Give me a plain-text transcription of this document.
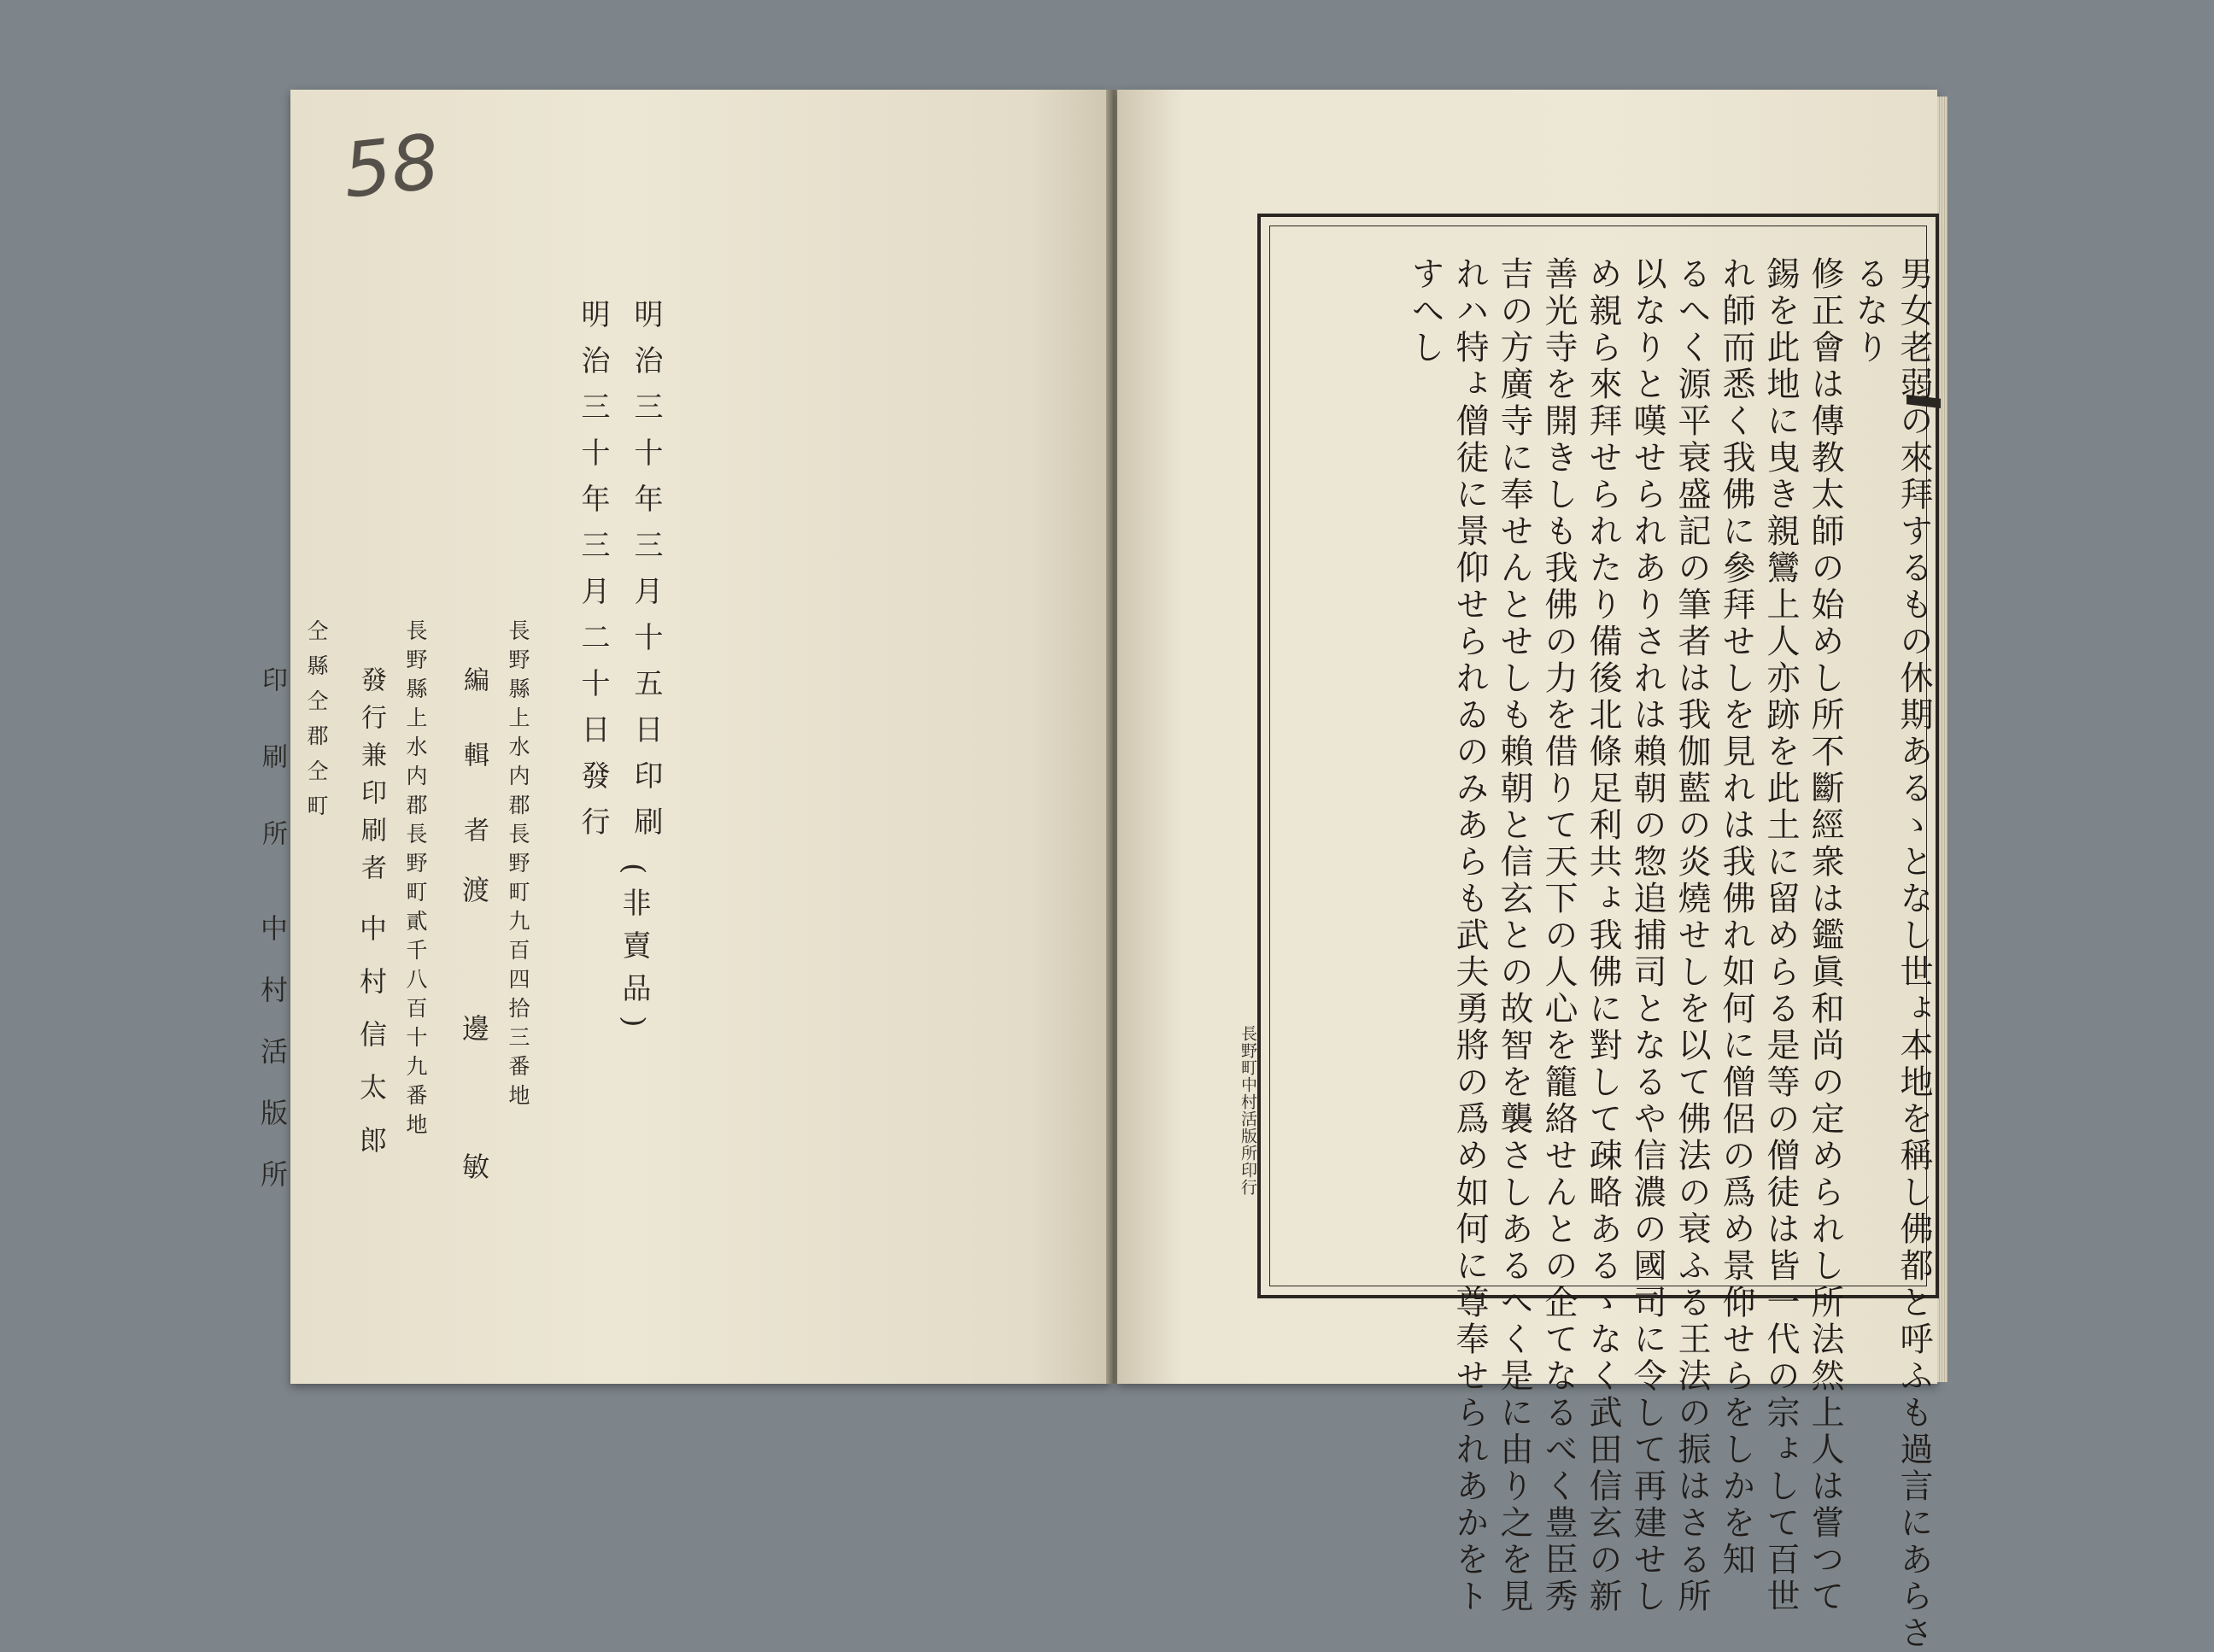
58
明治三十年三月十五日印刷
明治三十年三月二十日發行
(非賣品)
長野縣上水内郡長野町九百四拾三番地
編輯者
渡邊敏
長野縣上水内郡長野町貳千八百十九番地
發行兼印刷者
中村信太郎
仝縣仝郡仝町
印刷所
中村活版所	男女老弱の來拜するもの休期あるゝとなし世ょ本地を稱し佛都と呼ふも過言にあらさ
るなり
修正會は傳教太師の始めし所不斷經衆は鑑眞和尚の定められし所法然上人は嘗つて
錫を此地に曳き親鸞上人亦跡を此土に留めらる是等の僧徒は皆一代の宗ょして百世
れ師而悉く我佛に參拜せしを見れは我佛れ如何に僧侶の爲め景仰せらをしかを知
るへく源平衰盛記の筆者は我伽藍の炎燒せしを以て佛法の衰ふる王法の振はさる所
以なりと嘆せられありされは賴朝の惣追捕司となるや信濃の國司に令して再建せし
め親ら來拜せられたり備後北條足利共ょ我佛に對して疎略あるゝなく武田信玄の新
善光寺を開きしも我佛の力を借りて天下の人心を籠絡せんとの企てなるべく豊臣秀
吉の方廣寺に奉せんとせしも賴朝と信玄との故智を襲さしあるへく是に由り之を見
れハ特ょ僧徒に景仰せられゐのみあらも武夫勇將の爲め如何に尊奉せられあかをト
すへし
長野町中村活版所印行
